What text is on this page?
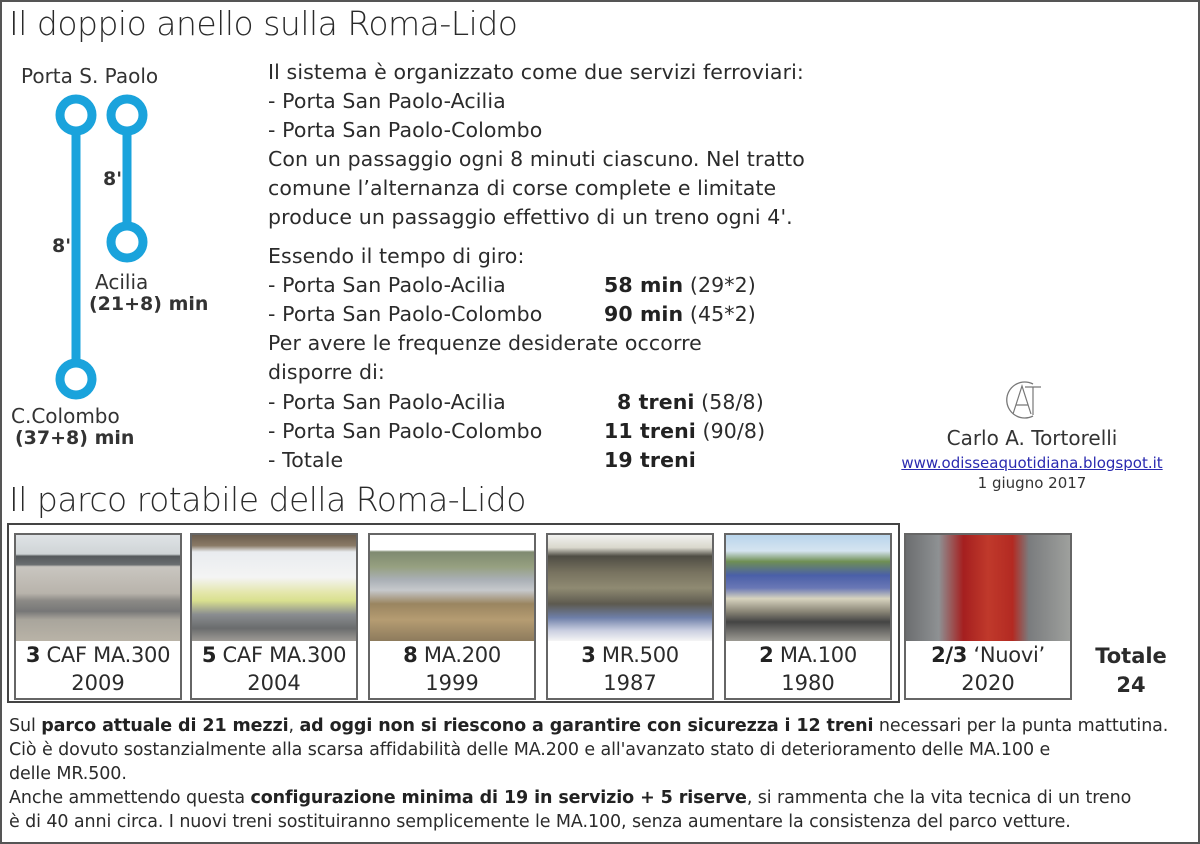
Il doppio anello sulla Roma-Lido
Porta S. Paolo
8'
8'
Acilia
(21+8) min
C.Colombo
(37+8) min
Il sistema è organizzato come due servizi ferroviari:
- Porta San Paolo-Acilia
- Porta San Paolo-Colombo
Con un passaggio ogni 8 minuti ciascuno. Nel tratto
comune l’alternanza di corse complete e limitate
produce un passaggio effettivo di un treno ogni 4'.
Essendo il tempo di giro:
- Porta San Paolo-Acilia	58 min (29*2)
- Porta San Paolo-Colombo	90 min (45*2)
Per avere le frequenze desiderate occorre
disporre di:
- Porta San Paolo-Acilia	8 treni (58/8)
- Porta San Paolo-Colombo	11 treni (90/8)
- Totale	19 treni
Carlo A. Tortorelli
www.odisseaquotidiana.blogspot.it
1 giugno 2017
Il parco rotabile della Roma-Lido
3 CAF MA.300
2009
5 CAF MA.300
2004
8 MA.200
1999
3 MR.500
1987
2 MA.100
1980
2/3 ‘Nuovi’
2020
Totale
24

Sul parco attuale di 21 mezzi, ad oggi non si riescono a garantire con sicurezza i 12 treni necessari per la punta mattutina.

Ciò è dovuto sostanzialmente alla scarsa affidabilità delle MA.200 e all'avanzato stato di deterioramento delle MA.100 e

delle MR.500.

Anche ammettendo questa configurazione minima di 19 in servizio + 5 riserve, si rammenta che la vita tecnica di un treno

è di 40 anni circa. I nuovi treni sostituiranno semplicemente le MA.100, senza aumentare la consistenza del parco vetture.
